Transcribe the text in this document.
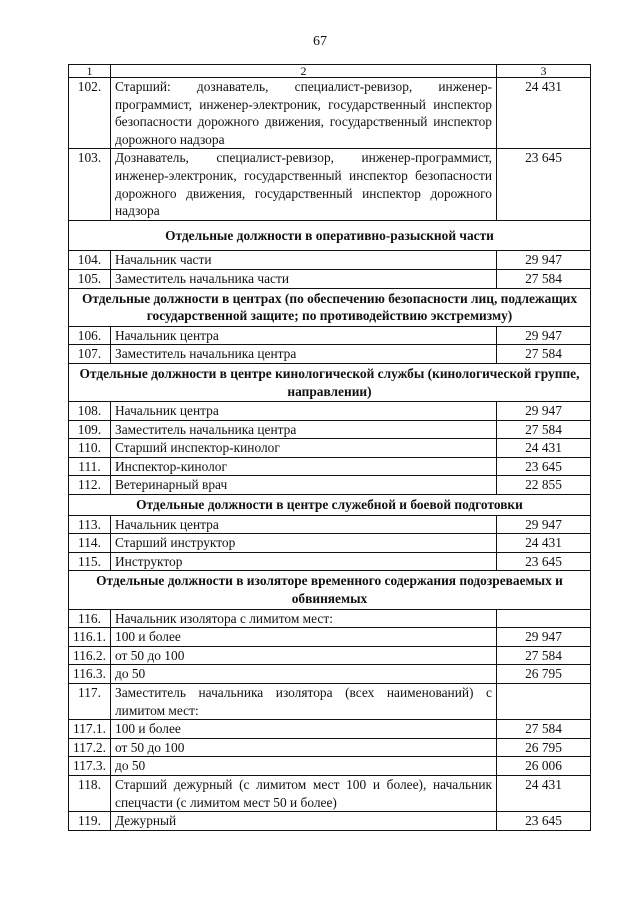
67
1	2	3
102.	Старший: дознаватель, специалист-ревизор, инженер-программист, инженер-электроник, государственный инспектор безопасности дорожного движения, государственный инспектор дорожного надзора	24 431
103.	Дознаватель, специалист-ревизор, инженер-программист, инженер-электроник, государственный инспектор безопасности дорожного движения, государственный инспектор дорожного надзора	23 645
Отдельные должности в оперативно-разыскной части		
104.	Начальник части	29 947
105.	Заместитель начальника части	27 584
Отдельные должности в центрах (по обеспечению безопасности лиц, подлежащих государственной защите; по противодействию экстремизму)		
106.	Начальник центра	29 947
107.	Заместитель начальника центра	27 584
Отдельные должности в центре кинологической службы (кинологической группе, направлении)		
108.	Начальник центра	29 947
109.	Заместитель начальника центра	27 584
110.	Старший инспектор-кинолог	24 431
111.	Инспектор-кинолог	23 645
112.	Ветеринарный врач	22 855
Отдельные должности в центре служебной и боевой подготовки		
113.	Начальник центра	29 947
114.	Старший инструктор	24 431
115.	Инструктор	23 645
Отдельные должности в изоляторе временного содержания подозреваемых и обвиняемых		
116.	Начальник изолятора с лимитом мест:	
116.1.	100 и более	29 947
116.2.	от 50 до 100	27 584
116.3.	до 50	26 795
117.	Заместитель начальника изолятора (всех наименований) с лимитом мест:	
117.1.	100 и более	27 584
117.2.	от 50 до 100	26 795
117.3.	до 50	26 006
118.	Старший дежурный (с лимитом мест 100 и более), начальник спецчасти (с лимитом мест 50 и более)	24 431
119.	Дежурный	23 645
